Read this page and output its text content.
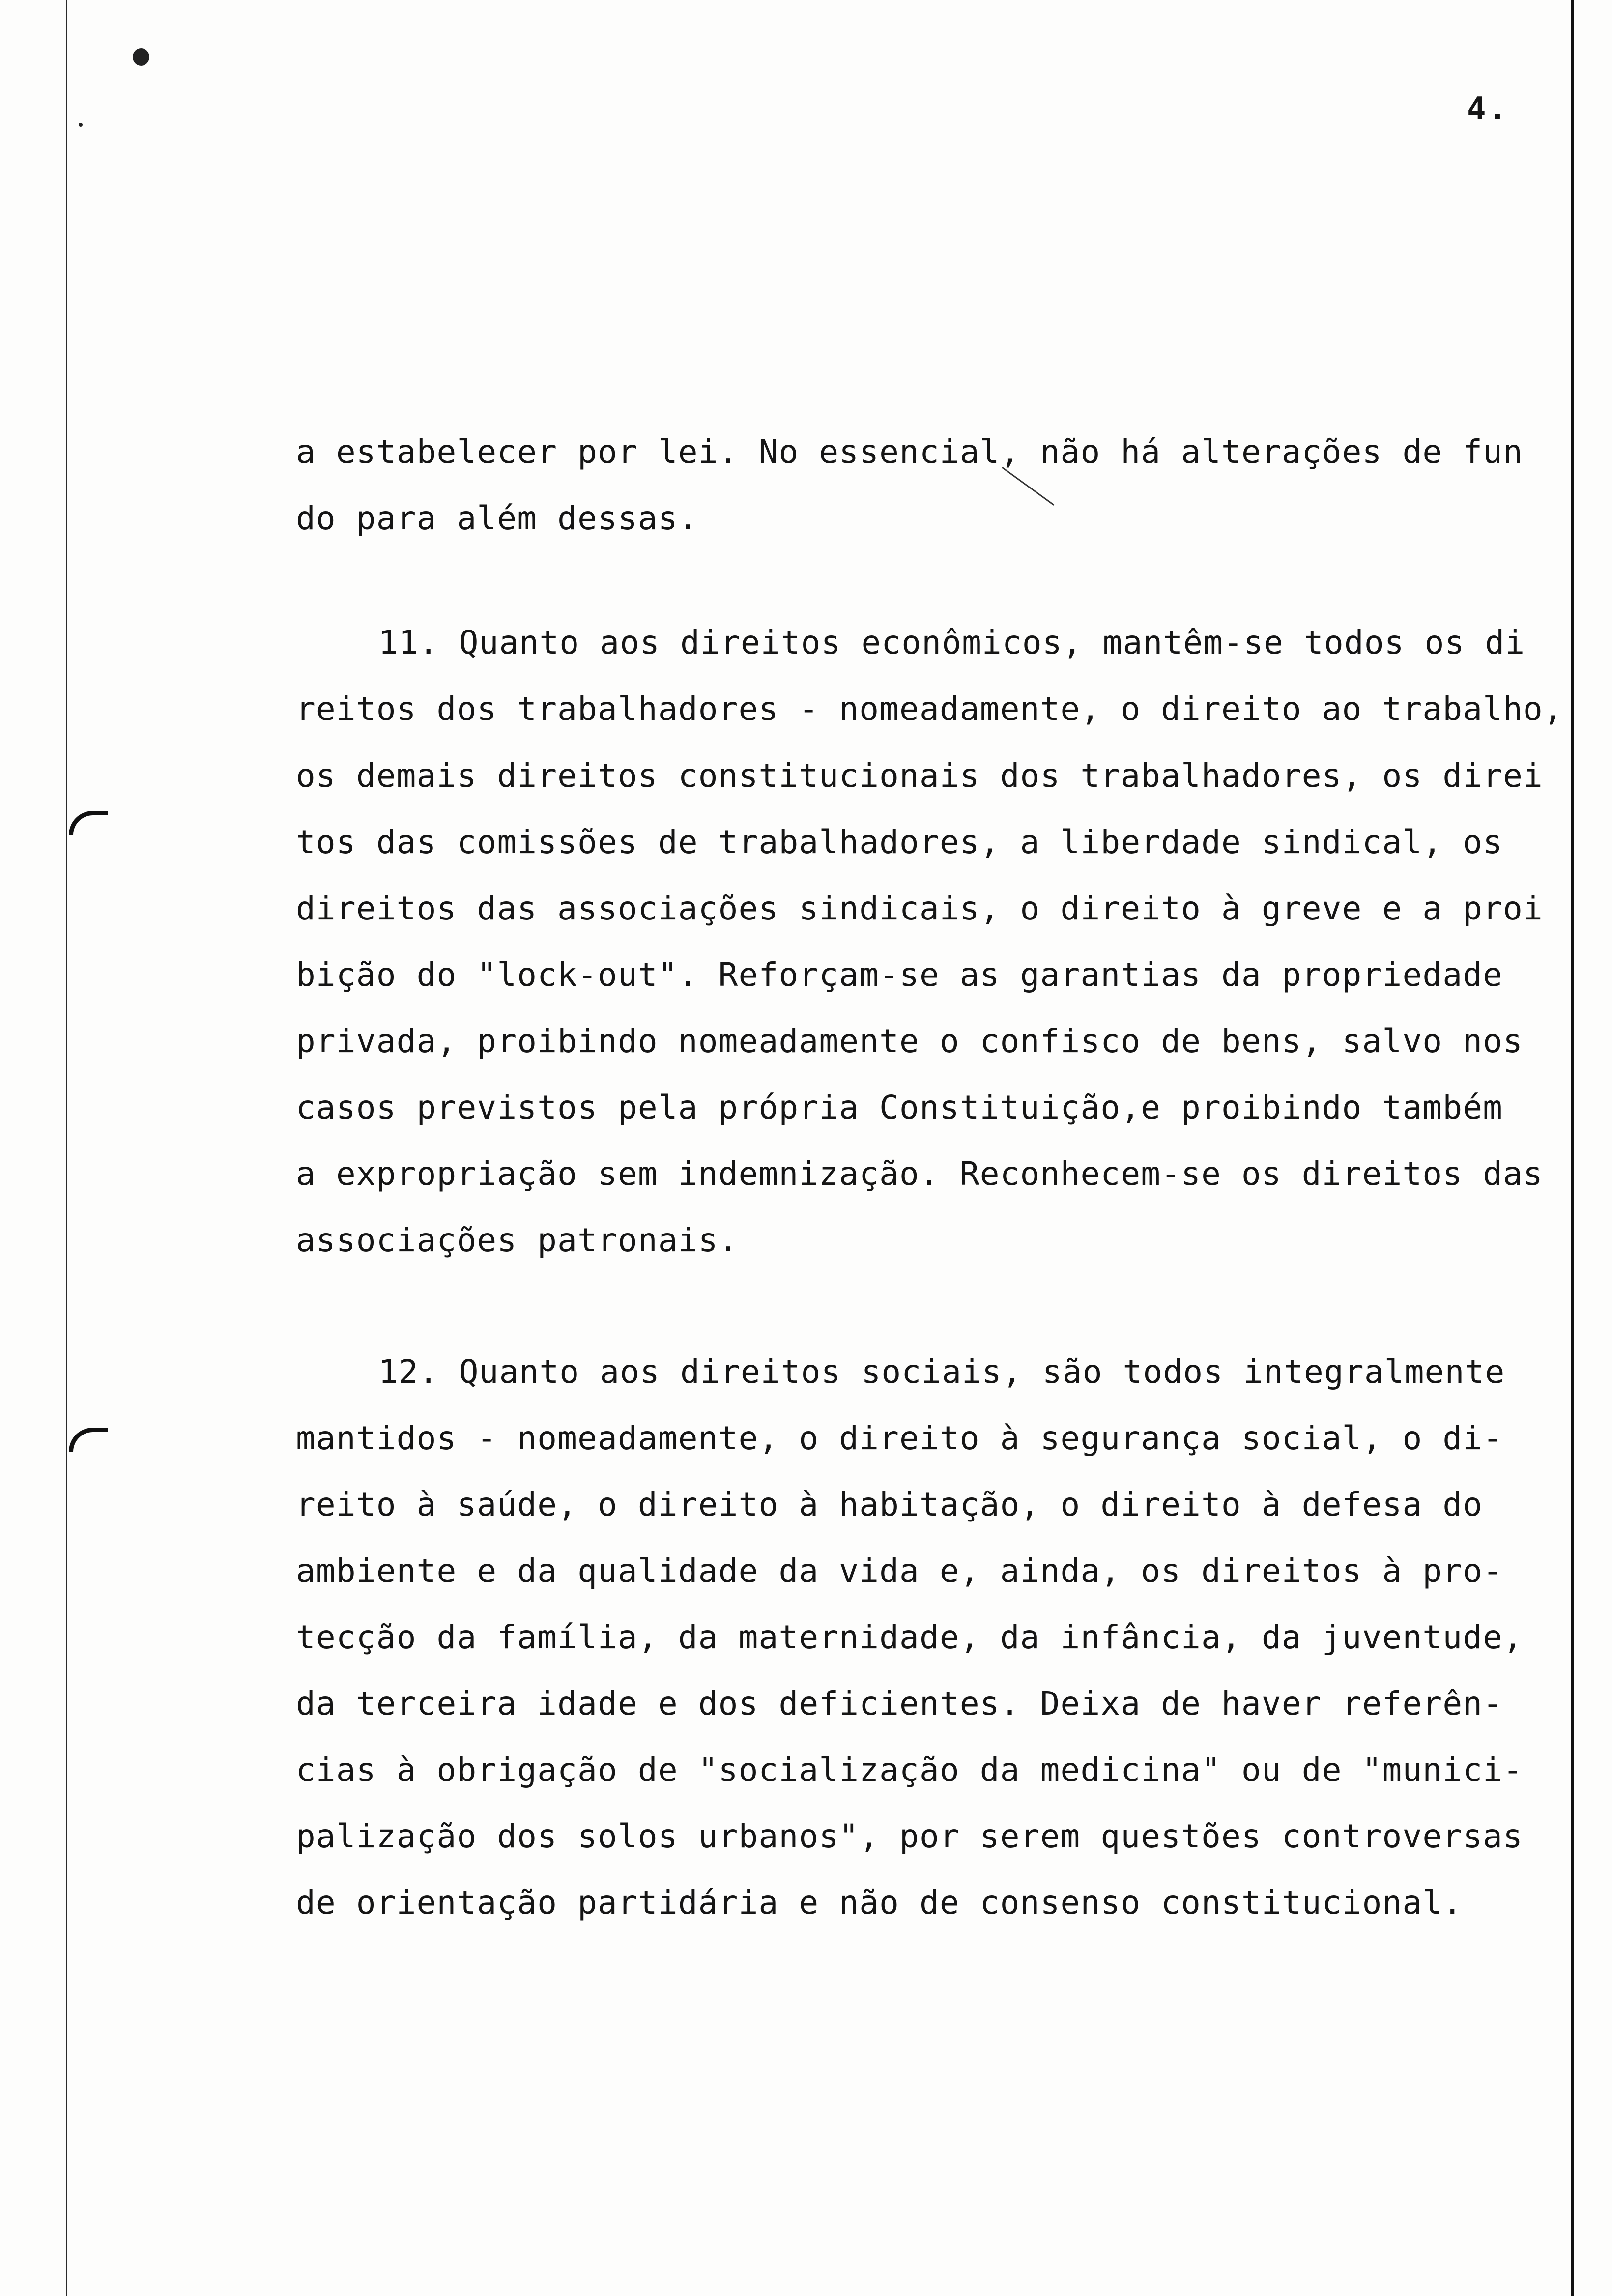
4.
a estabelecer por lei. No essencial, não há alterações de fun
do para além dessas.
11. Quanto aos direitos econômicos, mantêm-se todos os di
reitos dos trabalhadores - nomeadamente, o direito ao trabalho,
os demais direitos constitucionais dos trabalhadores, os direi
tos das comissões de trabalhadores, a liberdade sindical, os
direitos das associações sindicais, o direito à greve e a proi
bição do "lock-out". Reforçam-se as garantias da propriedade
privada, proibindo nomeadamente o confisco de bens, salvo nos
casos previstos pela própria Constituição,e proibindo também
a expropriação sem indemnização. Reconhecem-se os direitos das
associações patronais.
12. Quanto aos direitos sociais, são todos integralmente
mantidos - nomeadamente, o direito à segurança social, o di-
reito à saúde, o direito à habitação, o direito à defesa do
ambiente e da qualidade da vida e, ainda, os direitos à pro-
tecção da família, da maternidade, da infância, da juventude,
da terceira idade e dos deficientes. Deixa de haver referên-
cias à obrigação de "socialização da medicina" ou de "munici-
palização dos solos urbanos", por serem questões controversas
de orientação partidária e não de consenso constitucional.
